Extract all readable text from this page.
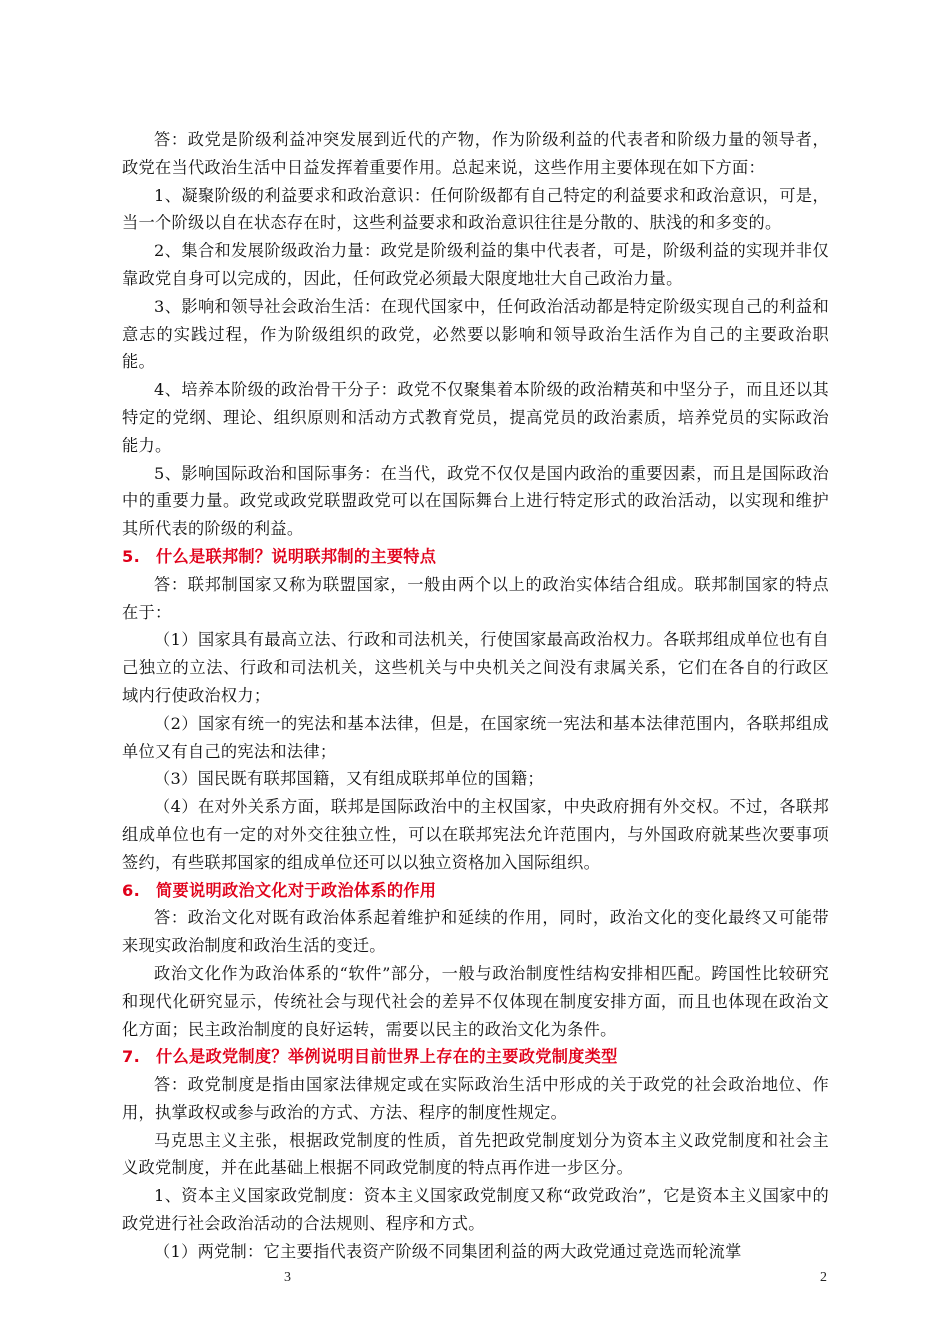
答：政党是阶级利益冲突发展到近代的产物，作为阶级利益的代表者和阶级力量的领导者，政党在当代政治生活中日益发挥着重要作用。总起来说，这些作用主要体现在如下方面：

1、凝聚阶级的利益要求和政治意识：任何阶级都有自己特定的利益要求和政治意识，可是，当一个阶级以自在状态存在时，这些利益要求和政治意识往往是分散的、肤浅的和多变的。

2、集合和发展阶级政治力量：政党是阶级利益的集中代表者，可是，阶级利益的实现并非仅靠政党自身可以完成的，因此，任何政党必须最大限度地壮大自己政治力量。

3、影响和领导社会政治生活：在现代国家中，任何政治活动都是特定阶级实现自己的利益和意志的实践过程，作为阶级组织的政党，必然要以影响和领导政治生活作为自己的主要政治职能。

4、培养本阶级的政治骨干分子：政党不仅聚集着本阶级的政治精英和中坚分子，而且还以其特定的党纲、理论、组织原则和活动方式教育党员，提高党员的政治素质，培养党员的实际政治能力。

5、影响国际政治和国际事务：在当代，政党不仅仅是国内政治的重要因素，而且是国际政治中的重要力量。政党或政党联盟政党可以在国际舞台上进行特定形式的政治活动，以实现和维护其所代表的阶级的利益。

5. 什么是联邦制？说明联邦制的主要特点

答：联邦制国家又称为联盟国家，一般由两个以上的政治实体结合组成。联邦制国家的特点在于：

（1）国家具有最高立法、行政和司法机关，行使国家最高政治权力。各联邦组成单位也有自己独立的立法、行政和司法机关，这些机关与中央机关之间没有隶属关系，它们在各自的行政区域内行使政治权力；

（2）国家有统一的宪法和基本法律，但是，在国家统一宪法和基本法律范围内，各联邦组成单位又有自己的宪法和法律；

（3）国民既有联邦国籍，又有组成联邦单位的国籍；

（4）在对外关系方面，联邦是国际政治中的主权国家，中央政府拥有外交权。不过，各联邦组成单位也有一定的对外交往独立性，可以在联邦宪法允许范围内，与外国政府就某些次要事项签约，有些联邦国家的组成单位还可以以独立资格加入国际组织。

6. 简要说明政治文化对于政治体系的作用

答：政治文化对既有政治体系起着维护和延续的作用，同时，政治文化的变化最终又可能带来现实政治制度和政治生活的变迁。

政治文化作为政治体系的“软件”部分，一般与政治制度性结构安排相匹配。跨国性比较研究和现代化研究显示，传统社会与现代社会的差异不仅体现在制度安排方面，而且也体现在政治文化方面；民主政治制度的良好运转，需要以民主的政治文化为条件。

7. 什么是政党制度？举例说明目前世界上存在的主要政党制度类型

答：政党制度是指由国家法律规定或在实际政治生活中形成的关于政党的社会政治地位、作用，执掌政权或参与政治的方式、方法、程序的制度性规定。

马克思主义主张，根据政党制度的性质，首先把政党制度划分为资本主义政党制度和社会主义政党制度，并在此基础上根据不同政党制度的特点再作进一步区分。

1、资本主义国家政党制度：资本主义国家政党制度又称“政党政治”，它是资本主义国家中的政党进行社会政治活动的合法规则、程序和方式。

（1）两党制：它主要指代表资产阶级不同集团利益的两大政党通过竞选而轮流掌

3	2
